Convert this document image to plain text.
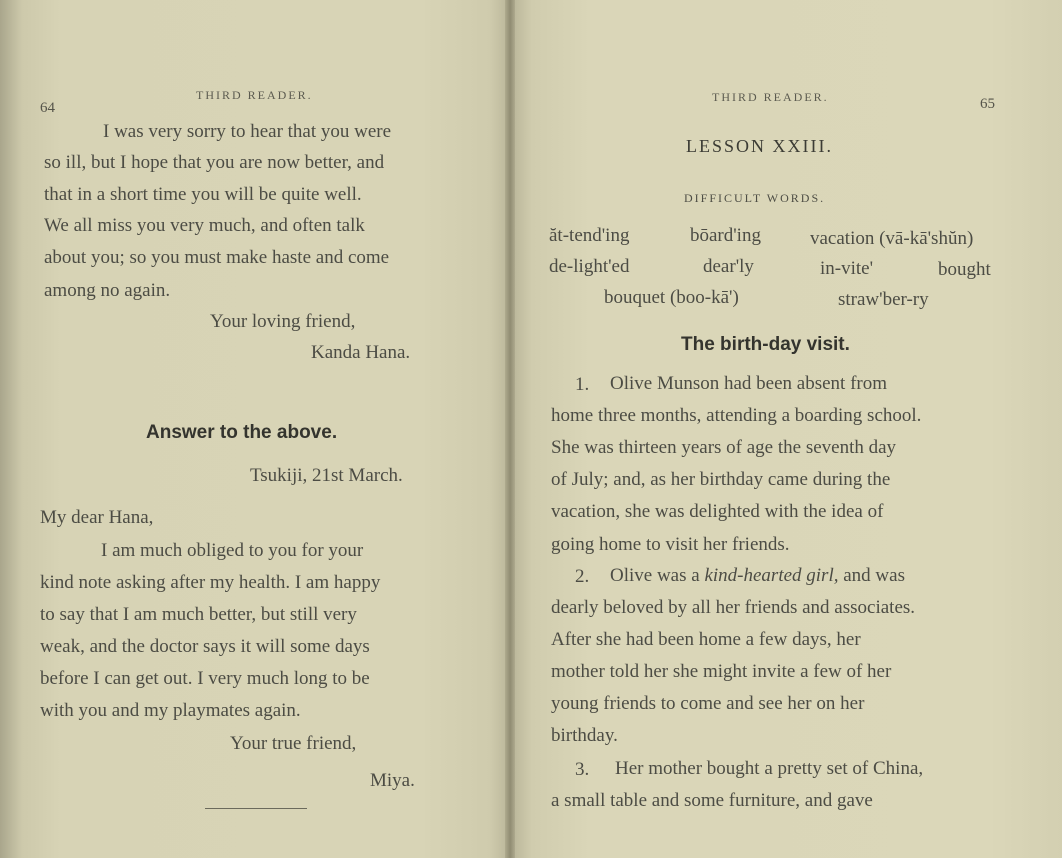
64
THIRD READER.
I was very sorry to hear that you were
so ill, but I hope that you are now better, and
that in a short time you will be quite well.
We all miss you very much, and often talk
about you; so you must make haste and come
among no again.
Your loving friend,
Kanda Hana.
Answer to the above.
Tsukiji, 21st March.
My dear Hana,
I am much obliged to you for your
kind note asking after my health. I am happy
to say that I am much better, but still very
weak, and the doctor says it will some days
before I can get out. I very much long to be
with you and my playmates again.
Your true friend,
Miya.
THIRD READER.	65
LESSON XXIII.
DIFFICULT WORDS.
ăt-tend'ing	bōard'ing	vacation (vā-kā'shŭn)
de-light'ed	dear'ly	in-vite'	bought
bouquet (boo-kā')	straw'ber-ry
The birth-day visit.
1. Olive Munson had been absent from
home three months, attending a boarding school.
She was thirteen years of age the seventh day
of July; and, as her birthday came during the
vacation, she was delighted with the idea of
going home to visit her friends.
2. Olive was a kind-hearted girl, and was
dearly beloved by all her friends and associates.
After she had been home a few days, her
mother told her she might invite a few of her
young friends to come and see her on her
birthday.
3. Her mother bought a pretty set of China,
a small table and some furniture, and gave
